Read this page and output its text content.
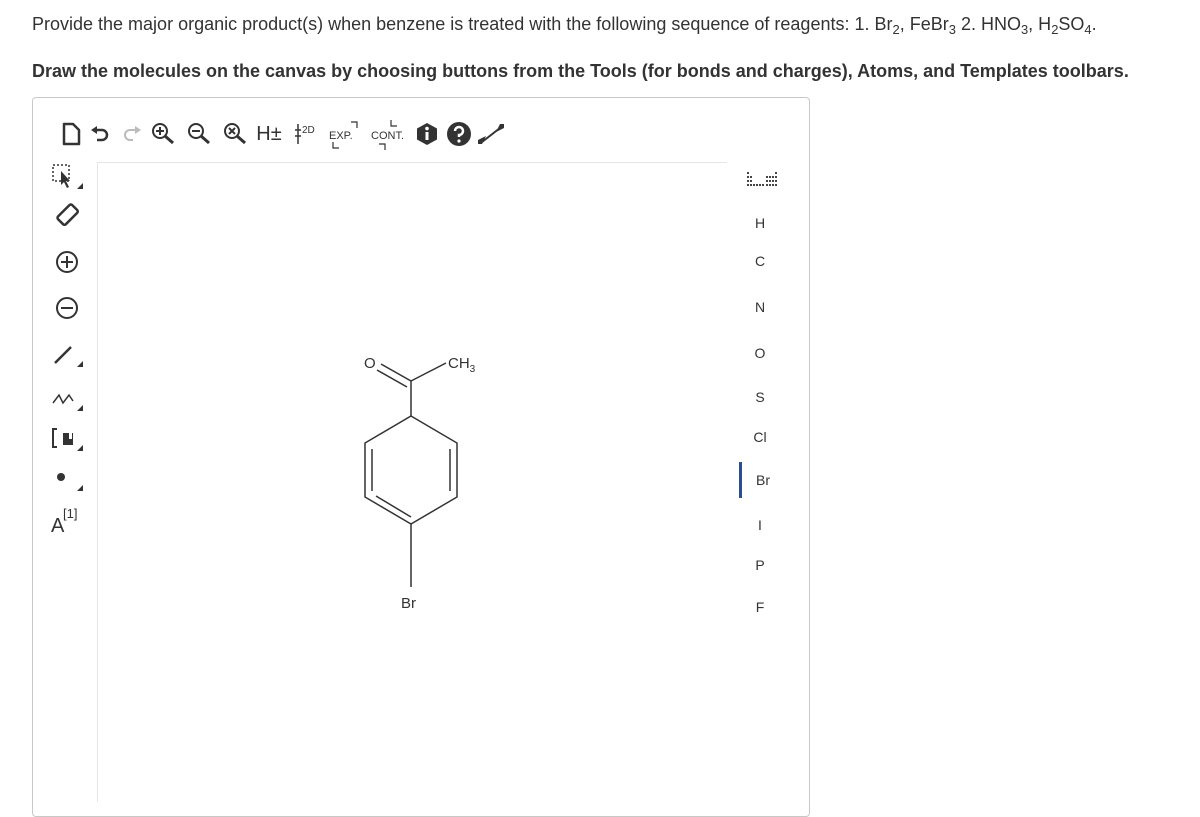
Provide the major organic product(s) when benzene is treated with the following sequence of reagents: 1. $Br_2$, FeBr$_3$ 2. $HNO_3$, $H_2SO_4$.
Draw the molecules on the canvas by choosing buttons from the Tools (for bonds and charges), Atoms, and Templates toolbars.
H± 2D EXP. CONT.
A
[1]
O	$CH_3$
Br
H
C
N
O
S
Cl
Br
I
P
F
